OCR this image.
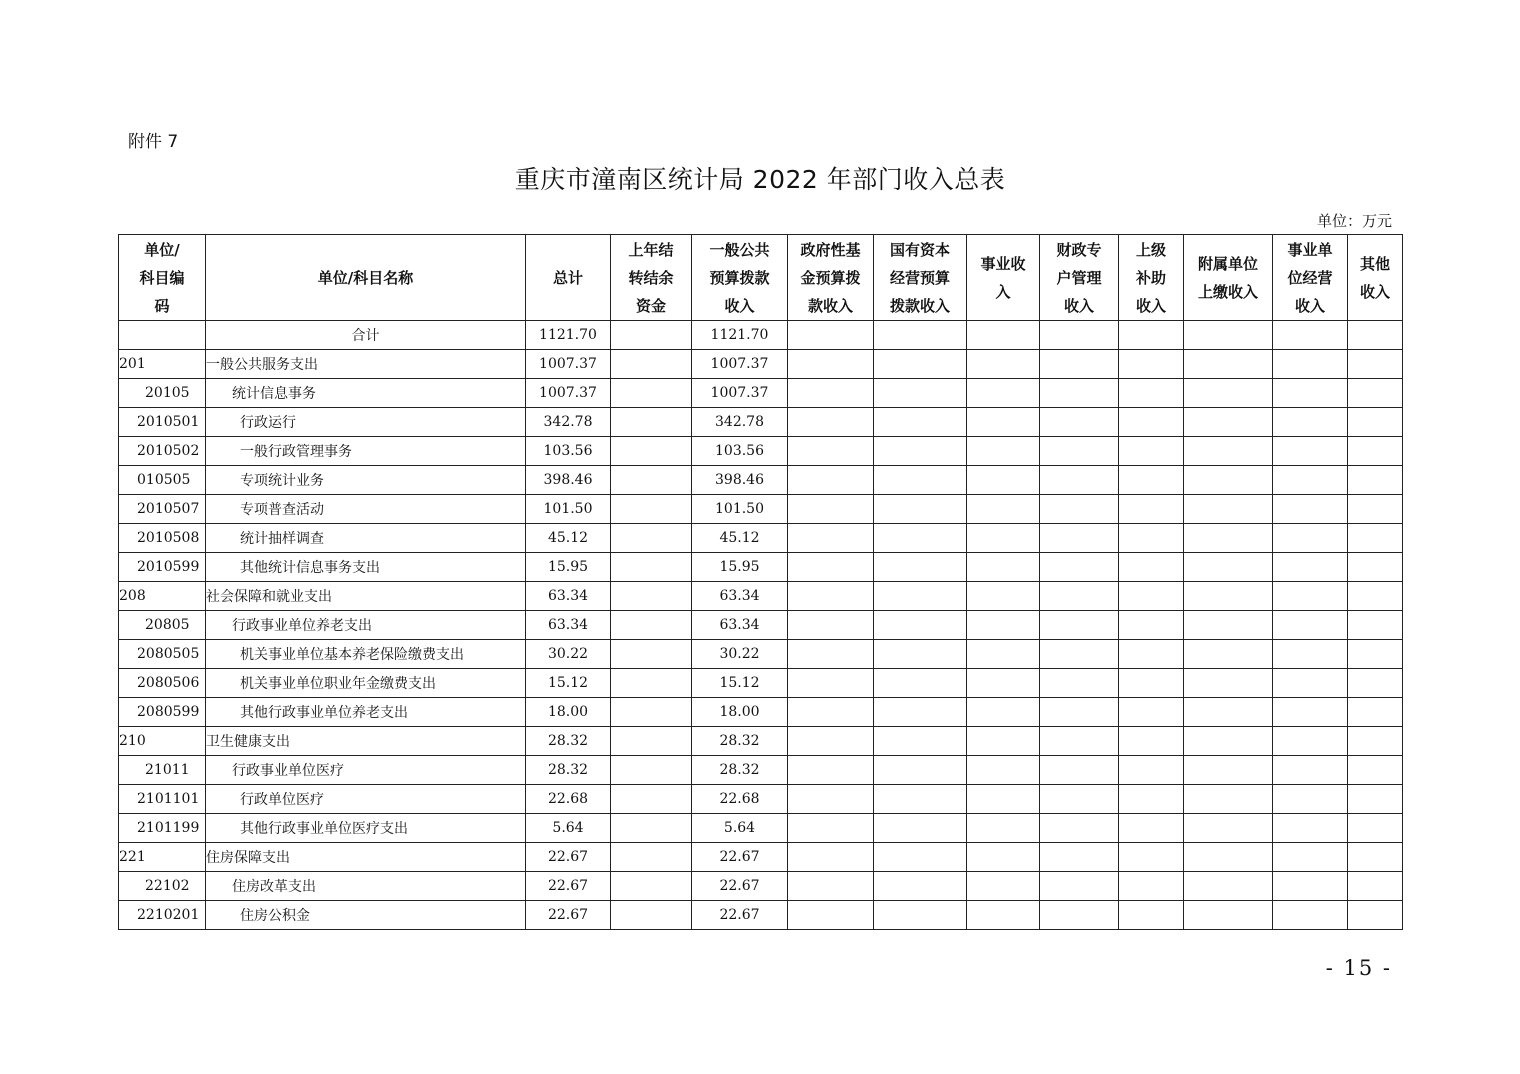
附件 7
重庆市潼南区统计局 2022 年部门收入总表
单位：万元
单位/科目编码	单位/科目名称	总计	上年结转结余资金	一般公共预算拨款收入	政府性基金预算拨款收入	国有资本经营预算拨款收入	事业收入	财政专户管理收入	上级补助收入	附属单位上缴收入	事业单位经营收入	其他收入
	合计	1121.70		1121.70								
201	一般公共服务支出	1007.37		1007.37								
20105	统计信息事务	1007.37		1007.37								
2010501	行政运行	342.78		342.78								
2010502	一般行政管理事务	103.56		103.56								
010505	专项统计业务	398.46		398.46								
2010507	专项普查活动	101.50		101.50								
2010508	统计抽样调查	45.12		45.12								
2010599	其他统计信息事务支出	15.95		15.95								
208	社会保障和就业支出	63.34		63.34								
20805	行政事业单位养老支出	63.34		63.34								
2080505	机关事业单位基本养老保险缴费支出	30.22		30.22								
2080506	机关事业单位职业年金缴费支出	15.12		15.12								
2080599	其他行政事业单位养老支出	18.00		18.00								
210	卫生健康支出	28.32		28.32								
21011	行政事业单位医疗	28.32		28.32								
2101101	行政单位医疗	22.68		22.68								
2101199	其他行政事业单位医疗支出	5.64		5.64								
221	住房保障支出	22.67		22.67								
22102	住房改革支出	22.67		22.67								
2210201	住房公积金	22.67		22.67								
- 15 -
